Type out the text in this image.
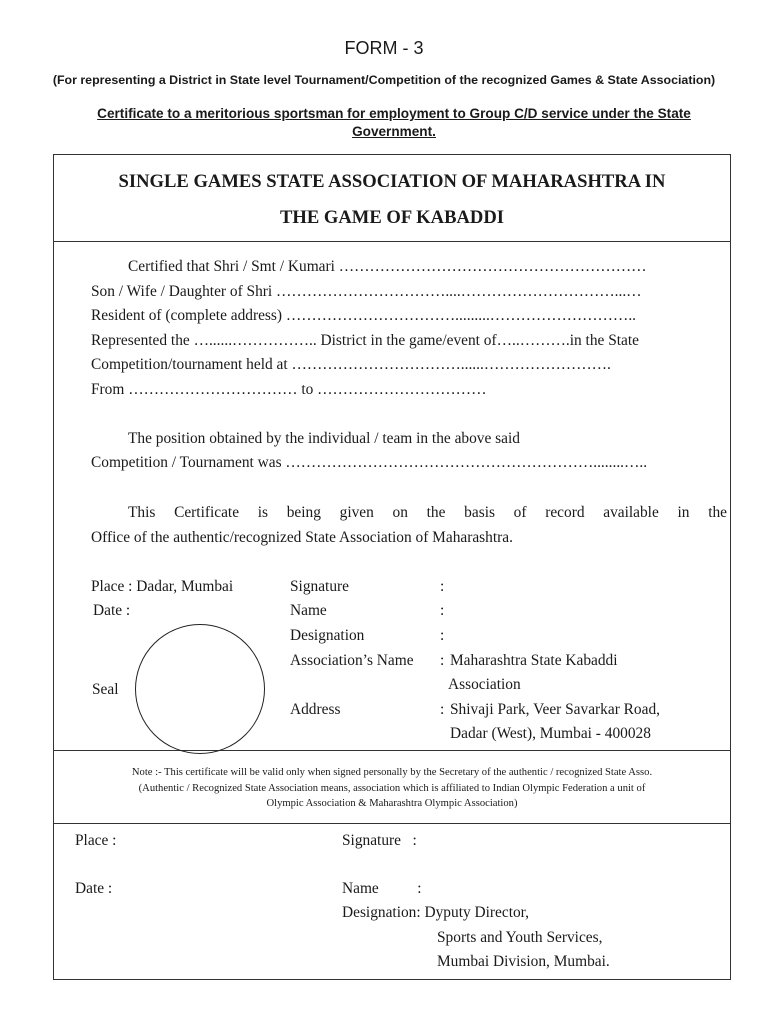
FORM - 3
(For representing a District in State level Tournament/Competition of the recognized Games & State Association)
Certificate to a meritorious sportsman for employment to Group C/D service under the State
Government.
SINGLE GAMES STATE ASSOCIATION OF MAHARASHTRA IN
THE GAME OF KABADDI
Certified that Shri / Smt / Kumari ……………………………………………………
Son / Wife / Daughter of Shri ……………………………....…………………………...…
Resident of (complete address) …………………………….........………………………..
Represented the …......…………….. District in the game/event of…..……….in the State
Competition/tournament held at ……………………………......…………………….
From …………………………… to ……………………………
The position obtained by the individual / team in the above said
Competition / Tournament was ……………………………………………………........…..
This Certificate is being given on the basis of record available in the
Office of the authentic/recognized State Association of Maharashtra.
Place : Dadar, Mumbai
Date :
Seal
Signature	:
Name	:
Designation	:
Association’s Name : Maharashtra State Kabaddi
Association
Address	: Shivaji Park, Veer Savarkar Road,
Dadar (West), Mumbai - 400028
Note :- This certificate will be valid only when signed personally by the Secretary of the authentic / recognized State Asso.
(Authentic / Recognized State Association means, association which is affiliated to Indian Olympic Federation a unit of
Olympic Association & Maharashtra Olympic Association)
Place :
Date :
Signature   :
Name          :
Designation: Dyputy Director,
Sports and Youth Services,
Mumbai Division, Mumbai.
